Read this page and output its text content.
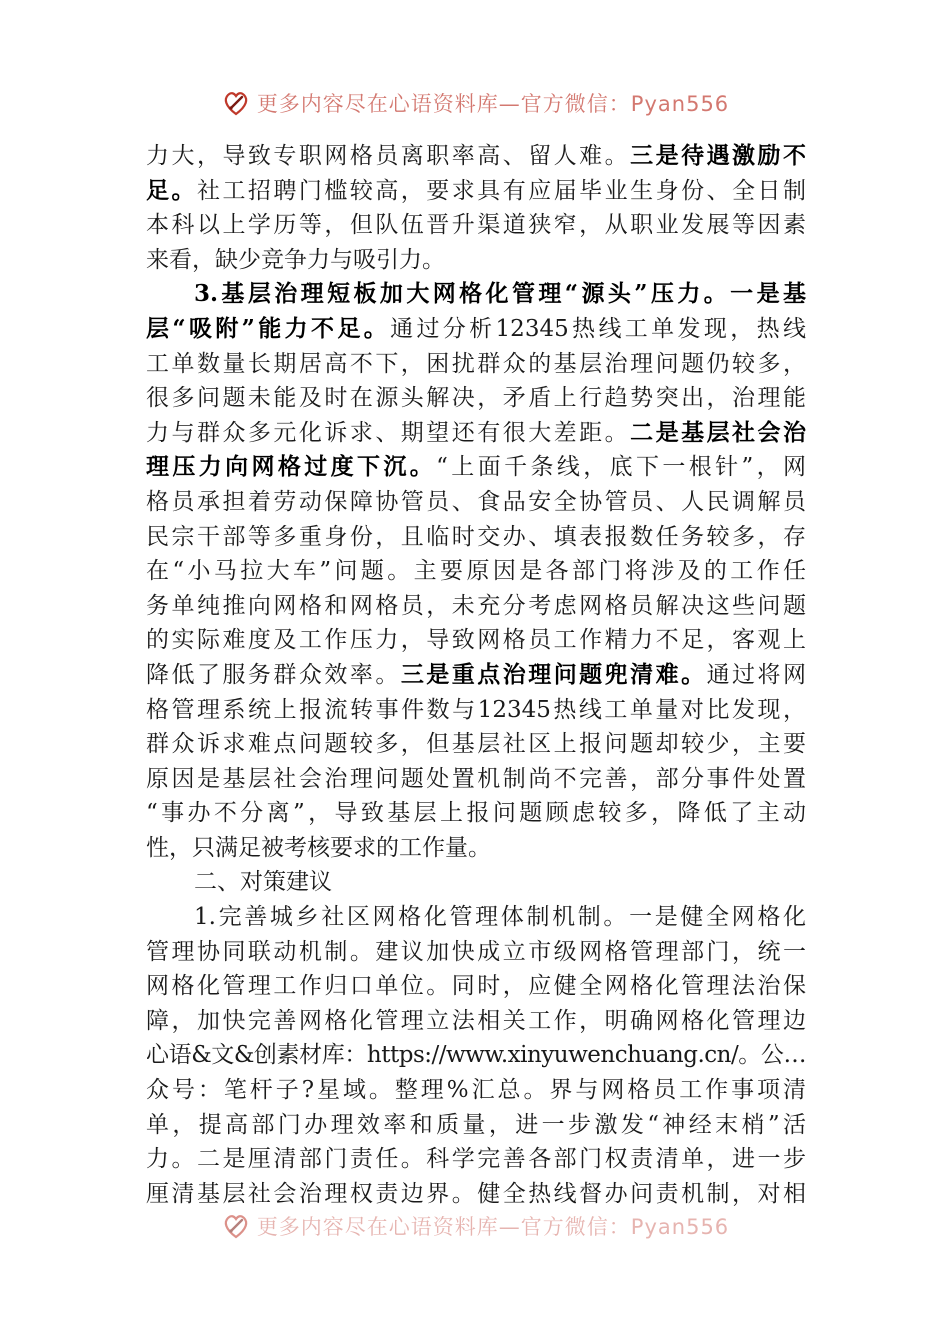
更多内容尽在心语资料库—官方微信：Pyan556
力大，导致专职网格员离职率高、留人难。三是待遇激励不
足。社工招聘门槛较高，要求具有应届毕业生身份、全日制
本科以上学历等，但队伍晋升渠道狭窄，从职业发展等因素
来看，缺少竞争力与吸引力。
3.基层治理短板加大网格化管理“源头”压力。一是基
层“吸附”能力不足。通过分析12345热线工单发现，热线
工单数量长期居高不下，困扰群众的基层治理问题仍较多，
很多问题未能及时在源头解决，矛盾上行趋势突出，治理能
力与群众多元化诉求、期望还有很大差距。二是基层社会治
理压力向网格过度下沉。“上面千条线，底下一根针”，网
格员承担着劳动保障协管员、食品安全协管员、人民调解员
民宗干部等多重身份，且临时交办、填表报数任务较多，存
在“小马拉大车”问题。主要原因是各部门将涉及的工作任
务单纯推向网格和网格员，未充分考虑网格员解决这些问题
的实际难度及工作压力，导致网格员工作精力不足，客观上
降低了服务群众效率。三是重点治理问题兜清难。通过将网
格管理系统上报流转事件数与12345热线工单量对比发现，
群众诉求难点问题较多，但基层社区上报问题却较少，主要
原因是基层社会治理问题处置机制尚不完善，部分事件处置
“事办不分离”，导致基层上报问题顾虑较多，降低了主动
性，只满足被考核要求的工作量。
二、对策建议
1.完善城乡社区网格化管理体制机制。一是健全网格化
管理协同联动机制。建议加快成立市级网格管理部门，统一
网格化管理工作归口单位。同时，应健全网格化管理法治保
障，加快完善网格化管理立法相关工作，明确网格化管理边
心语&文&创素材库：https://www.xinyuwenchuang.cn/。公…
众号：笔杆子?星域。整理%汇总。界与网格员工作事项清
单，提高部门办理效率和质量，进一步激发“神经末梢”活
力。二是厘清部门责任。科学完善各部门权责清单，进一步
厘清基层社会治理权责边界。健全热线督办问责机制，对相
更多内容尽在心语资料库—官方微信：Pyan556
